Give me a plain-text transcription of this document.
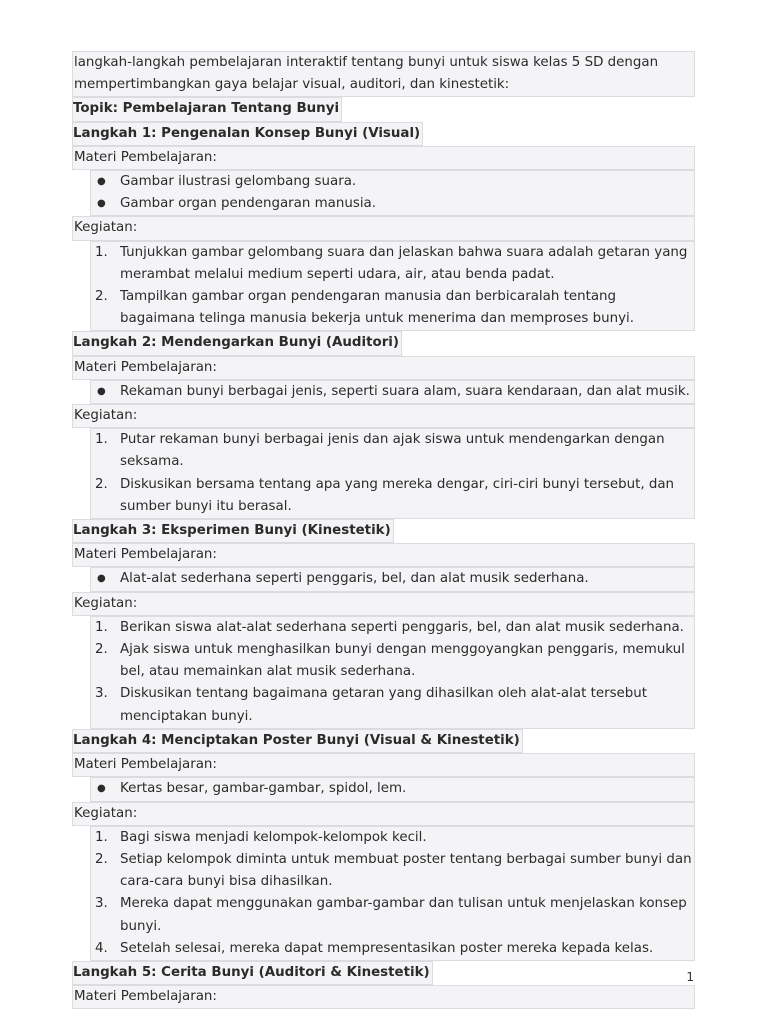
langkah-langkah pembelajaran interaktif tentang bunyi untuk siswa kelas 5 SD dengan mempertimbangkan gaya belajar visual, auditori, dan kinestetik:
Topik: Pembelajaran Tentang Bunyi
Langkah 1: Pengenalan Konsep Bunyi (Visual)
Materi Pembelajaran:
● Gambar ilustrasi gelombang suara.
● Gambar organ pendengaran manusia.
Kegiatan:
1. Tunjukkan gambar gelombang suara dan jelaskan bahwa suara adalah getaran yang merambat melalui medium seperti udara, air, atau benda padat.
2. Tampilkan gambar organ pendengaran manusia dan berbicaralah tentang bagaimana telinga manusia bekerja untuk menerima dan memproses bunyi.
Langkah 2: Mendengarkan Bunyi (Auditori)
Materi Pembelajaran:
● Rekaman bunyi berbagai jenis, seperti suara alam, suara kendaraan, dan alat musik.
Kegiatan:
1. Putar rekaman bunyi berbagai jenis dan ajak siswa untuk mendengarkan dengan seksama.
2. Diskusikan bersama tentang apa yang mereka dengar, ciri-ciri bunyi tersebut, dan sumber bunyi itu berasal.
Langkah 3: Eksperimen Bunyi (Kinestetik)
Materi Pembelajaran:
● Alat-alat sederhana seperti penggaris, bel, dan alat musik sederhana.
Kegiatan:
1. Berikan siswa alat-alat sederhana seperti penggaris, bel, dan alat musik sederhana.
2. Ajak siswa untuk menghasilkan bunyi dengan menggoyangkan penggaris, memukul bel, atau memainkan alat musik sederhana.
3. Diskusikan tentang bagaimana getaran yang dihasilkan oleh alat-alat tersebut menciptakan bunyi.
Langkah 4: Menciptakan Poster Bunyi (Visual & Kinestetik)
Materi Pembelajaran:
● Kertas besar, gambar-gambar, spidol, lem.
Kegiatan:
1. Bagi siswa menjadi kelompok-kelompok kecil.
2. Setiap kelompok diminta untuk membuat poster tentang berbagai sumber bunyi dan cara-cara bunyi bisa dihasilkan.
3. Mereka dapat menggunakan gambar-gambar dan tulisan untuk menjelaskan konsep bunyi.
4. Setelah selesai, mereka dapat mempresentasikan poster mereka kepada kelas.
Langkah 5: Cerita Bunyi (Auditori & Kinestetik)
Materi Pembelajaran:
1
